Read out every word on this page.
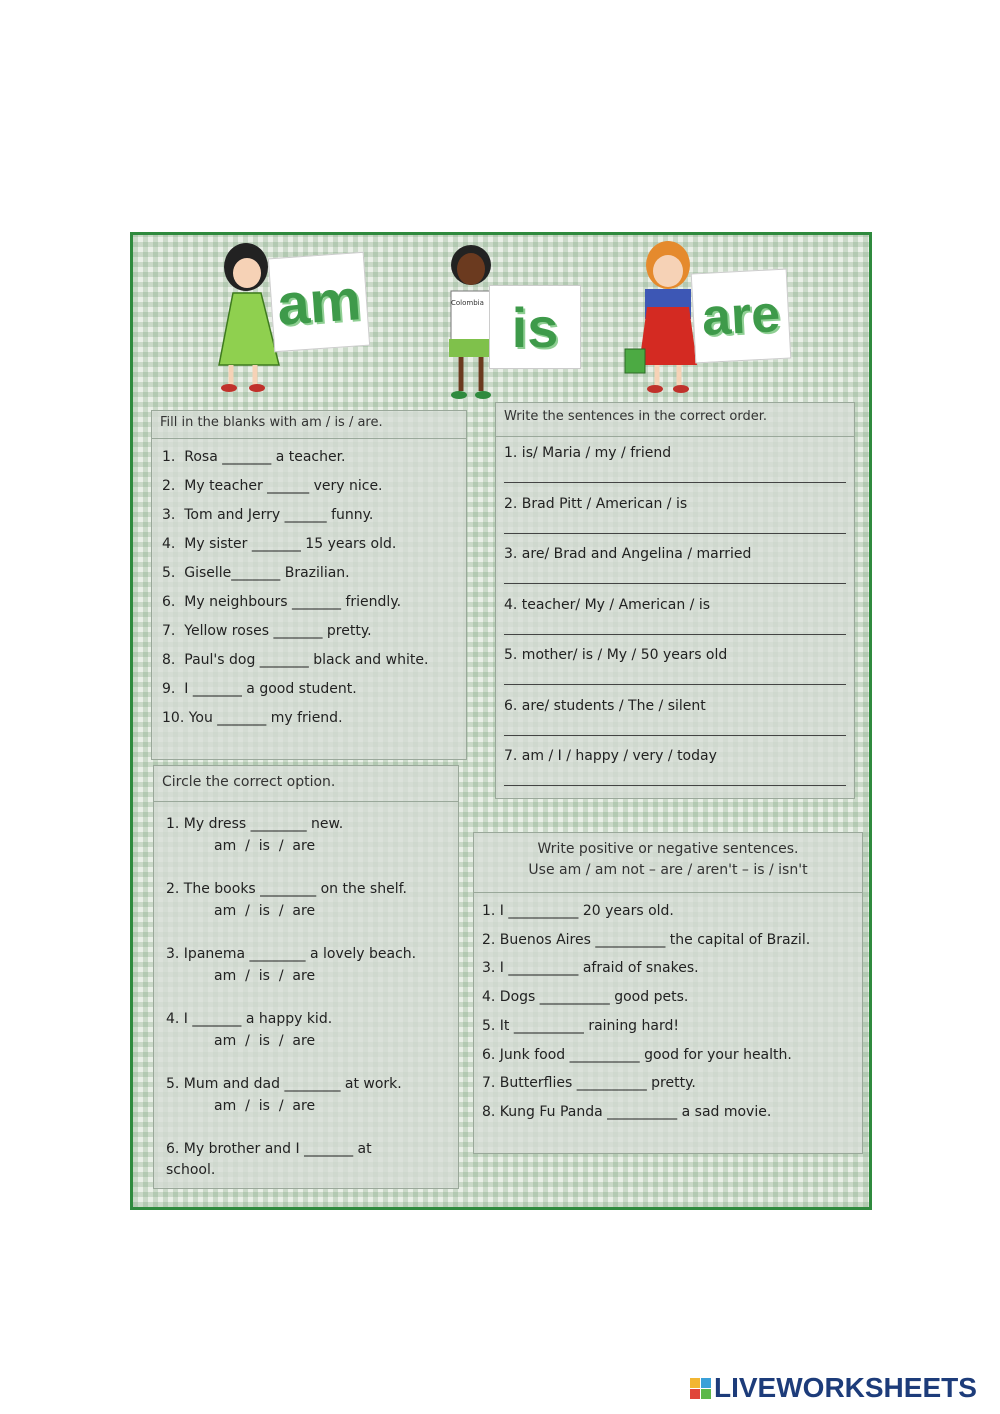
am	Colombia is	are
Fill in the blanks with am / is / are.
1.  Rosa _______ a teacher.
2.  My teacher ______ very nice.
3.  Tom and Jerry ______ funny.
4.  My sister _______ 15 years old.
5.  Giselle_______ Brazilian.
6.  My neighbours _______ friendly.
7.  Yellow roses _______ pretty.
8.  Paul's dog _______ black and white.
9.  I _______ a good student.
10. You _______ my friend.
Write the sentences in the correct order.
1. is/ Maria / my / friend
2. Brad Pitt / American / is
3. are/ Brad and Angelina / married
4. teacher/ My / American / is
5. mother/ is / My / 50 years old
6. are/ students / The / silent
7. am / I / happy / very / today
Circle the correct option.
1. My dress ________ new.
am  /  is  /  are
2. The books ________ on the shelf.
am  /  is  /  are
3. Ipanema ________ a lovely beach.
am  /  is  /  are
4. I _______ a happy kid.
am  /  is  /  are
5. Mum and dad ________ at work.
am  /  is  /  are
6. My brother and I _______ at
school.
Write positive or negative sentences.
Use am / am not – are / aren't – is / isn't
1. I __________ 20 years old.
2. Buenos Aires __________ the capital of Brazil.
3. I __________ afraid of snakes.
4. Dogs __________ good pets.
5. It __________ raining hard!
6. Junk food __________ good for your health.
7. Butterflies __________ pretty.
8. Kung Fu Panda __________ a sad movie.
LIVEWORKSHEETS
